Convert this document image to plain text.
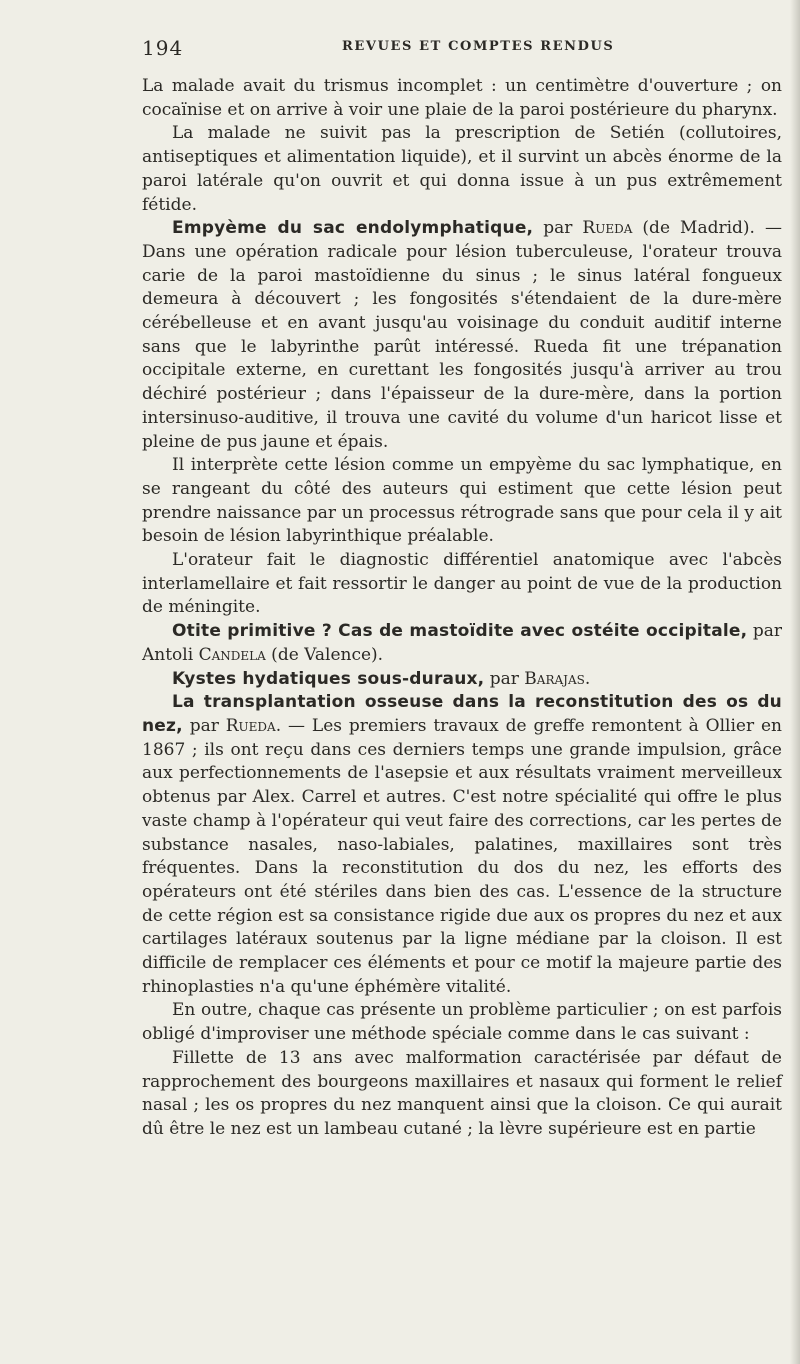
194	REVUES ET COMPTES RENDUS

La malade avait du trismus incomplet : un centimètre d'ouverture ; on cocaïnise et on arrive à voir une plaie de la paroi postérieure du pharynx.

La malade ne suivit pas la prescription de Setién (collutoires, antiseptiques et alimentation liquide), et il survint un abcès énorme de la paroi latérale qu'on ouvrit et qui donna issue à un pus extrêmement fétide.

Empyème du sac endolymphatique, par Rueda (de Madrid). — Dans une opération radicale pour lésion tuberculeuse, l'orateur trouva carie de la paroi mastoïdienne du sinus ; le sinus latéral fongueux demeura à découvert ; les fongosités s'étendaient de la dure-mère cérébelleuse et en avant jusqu'au voisinage du conduit auditif interne sans que le labyrinthe parût intéressé. Rueda fit une trépanation occipitale externe, en curettant les fongosités jusqu'à arriver au trou déchiré postérieur ; dans l'épaisseur de la dure-mère, dans la portion intersinuso-auditive, il trouva une cavité du volume d'un haricot lisse et pleine de pus jaune et épais.

Il interprète cette lésion comme un empyème du sac lymphatique, en se rangeant du côté des auteurs qui estiment que cette lésion peut prendre naissance par un processus rétrograde sans que pour cela il y ait besoin de lésion labyrinthique préalable.

L'orateur fait le diagnostic différentiel anatomique avec l'abcès interlamellaire et fait ressortir le danger au point de vue de la production de méningite.

Otite primitive ? Cas de mastoïdite avec ostéite occipitale, par Antoli Candela (de Valence).

Kystes hydatiques sous-duraux, par Barajas.

La transplantation osseuse dans la reconstitution des os du nez, par Rueda. — Les premiers travaux de greffe remontent à Ollier en 1867 ; ils ont reçu dans ces derniers temps une grande impulsion, grâce aux perfectionnements de l'asepsie et aux résultats vraiment merveilleux obtenus par Alex. Carrel et autres. C'est notre spécialité qui offre le plus vaste champ à l'opérateur qui veut faire des corrections, car les pertes de substance nasales, naso-labiales, palatines, maxillaires sont très fréquentes. Dans la reconstitution du dos du nez, les efforts des opérateurs ont été stériles dans bien des cas. L'essence de la structure de cette région est sa consistance rigide due aux os propres du nez et aux cartilages latéraux soutenus par la ligne médiane par la cloison. Il est difficile de remplacer ces éléments et pour ce motif la majeure partie des rhinoplasties n'a qu'une éphémère vitalité.

En outre, chaque cas présente un problème particulier ; on est parfois obligé d'improviser une méthode spéciale comme dans le cas suivant :

Fillette de 13 ans avec malformation caractérisée par défaut de rapprochement des bourgeons maxillaires et nasaux qui forment le relief nasal ; les os propres du nez manquent ainsi que la cloison. Ce qui aurait dû être le nez est un lambeau cutané ; la lèvre supérieure est en partie
